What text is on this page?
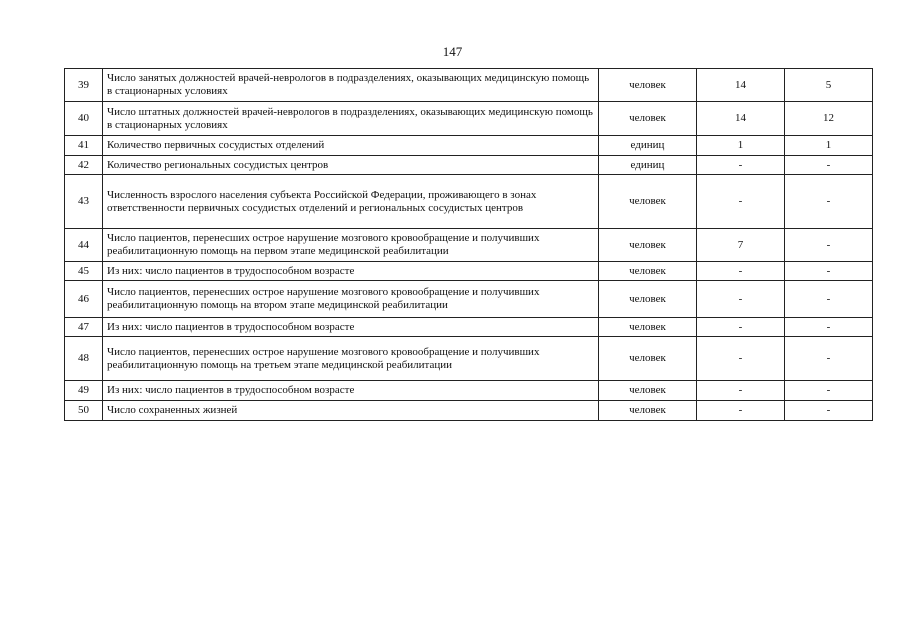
147
39	Число занятых должностей врачей-неврологов в подразделениях, оказывающих медицинскую помощь в стационарных условиях	человек	14	5
40	Число штатных должностей врачей-неврологов в подразделениях, оказывающих медицинскую помощь в стационарных условиях	человек	14	12
41	Количество первичных сосудистых отделений	единиц	1	1
42	Количество региональных сосудистых центров	единиц	-	-
43	Численность взрослого населения субъекта Российской Федерации, проживающего в зонах ответственности первичных сосудистых отделений и региональных сосудистых центров	человек	-	-
44	Число пациентов, перенесших острое нарушение мозгового кровообращение и получивших реабилитационную помощь на первом этапе медицинской реабилитации	человек	7	-
45	Из них: число пациентов в трудоспособном возрасте	человек	-	-
46	Число пациентов, перенесших острое нарушение мозгового кровообращение и получивших реабилитационную помощь на втором этапе медицинской реабилитации	человек	-	-
47	Из них: число пациентов в трудоспособном возрасте	человек	-	-
48	Число пациентов, перенесших острое нарушение мозгового кровообращение и получивших реабилитационную помощь на третьем этапе медицинской реабилитации	человек	-	-
49	Из них: число пациентов в трудоспособном возрасте	человек	-	-
50	Число сохраненных жизней	человек	-	-
